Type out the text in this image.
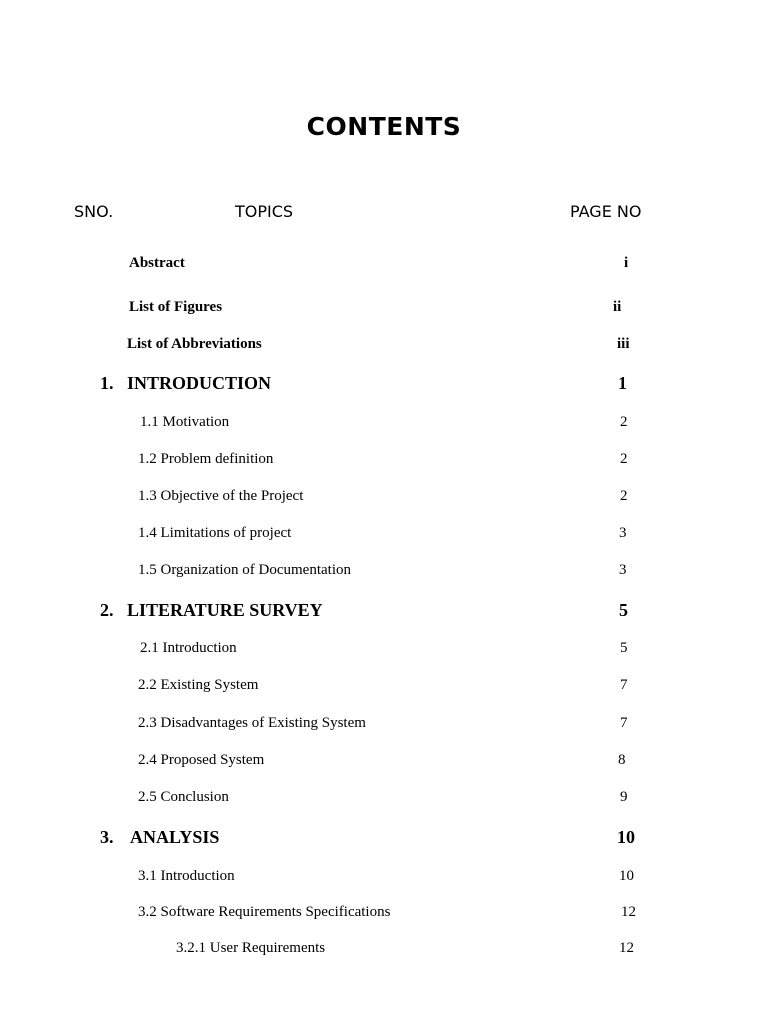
CONTENTS
SNO.	TOPICS	PAGE NO
Abstract	i
List of Figures	ii
List of Abbreviations	iii
1. INTRODUCTION	1
1.1 Motivation	2
1.2 Problem definition	2
1.3 Objective of the Project	2
1.4 Limitations of project	3
1.5 Organization of Documentation	3
2. LITERATURE SURVEY	5
2.1 Introduction	5
2.2 Existing System	7
2.3 Disadvantages of Existing System	7
2.4 Proposed System	8
2.5 Conclusion	9
3. ANALYSIS	10
3.1 Introduction	10
3.2 Software Requirements Specifications	12
3.2.1 User Requirements	12
